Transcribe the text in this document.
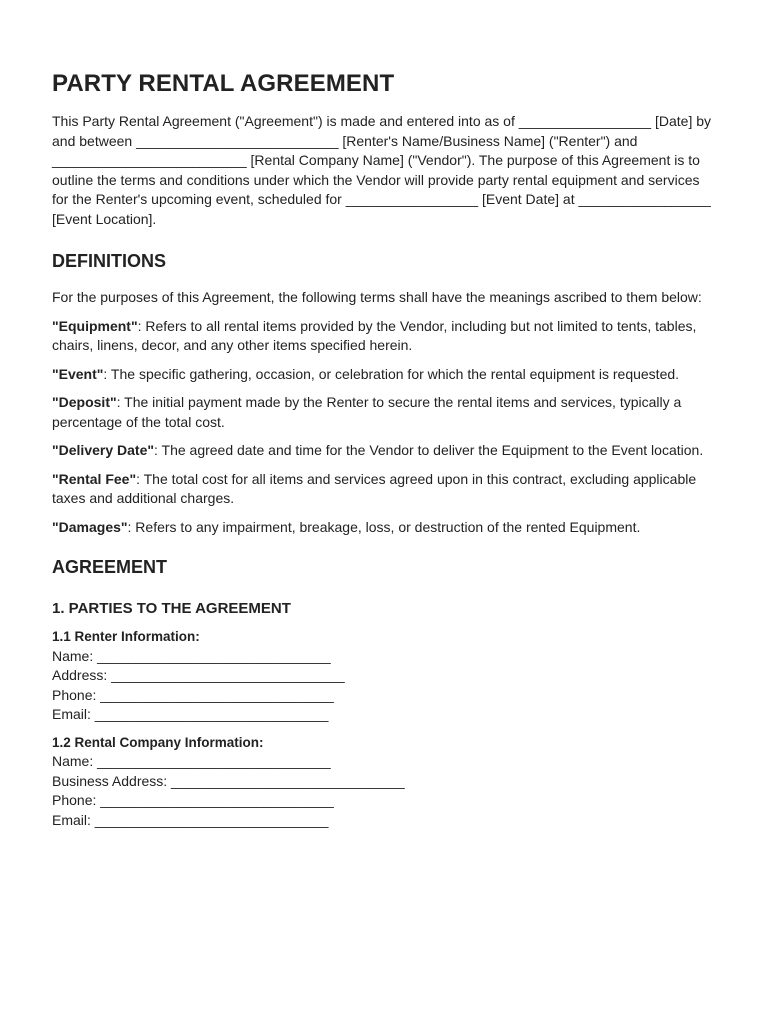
PARTY RENTAL AGREEMENT

This Party Rental Agreement ("Agreement") is made and entered into as of _________________ [Date] by and between __________________________ [Renter's Name/Business Name] ("Renter") and _________________________ [Rental Company Name] ("Vendor"). The purpose of this Agreement is to outline the terms and conditions under which the Vendor will provide party rental equipment and services for the Renter's upcoming event, scheduled for _________________ [Event Date] at _________________ [Event Location].

DEFINITIONS

For the purposes of this Agreement, the following terms shall have the meanings ascribed to them below:

"Equipment": Refers to all rental items provided by the Vendor, including but not limited to tents, tables, chairs, linens, decor, and any other items specified herein.

"Event": The specific gathering, occasion, or celebration for which the rental equipment is requested.

"Deposit": The initial payment made by the Renter to secure the rental items and services, typically a percentage of the total cost.

"Delivery Date": The agreed date and time for the Vendor to deliver the Equipment to the Event location.

"Rental Fee": The total cost for all items and services agreed upon in this contract, excluding applicable taxes and additional charges.

"Damages": Refers to any impairment, breakage, loss, or destruction of the rented Equipment.

AGREEMENT
1. PARTIES TO THE AGREEMENT
1.1 Renter Information:
Name: ______________________________
Address: ______________________________
Phone: ______________________________
Email: ______________________________
1.2 Rental Company Information:
Name: ______________________________
Business Address: ______________________________
Phone: ______________________________
Email: ______________________________
